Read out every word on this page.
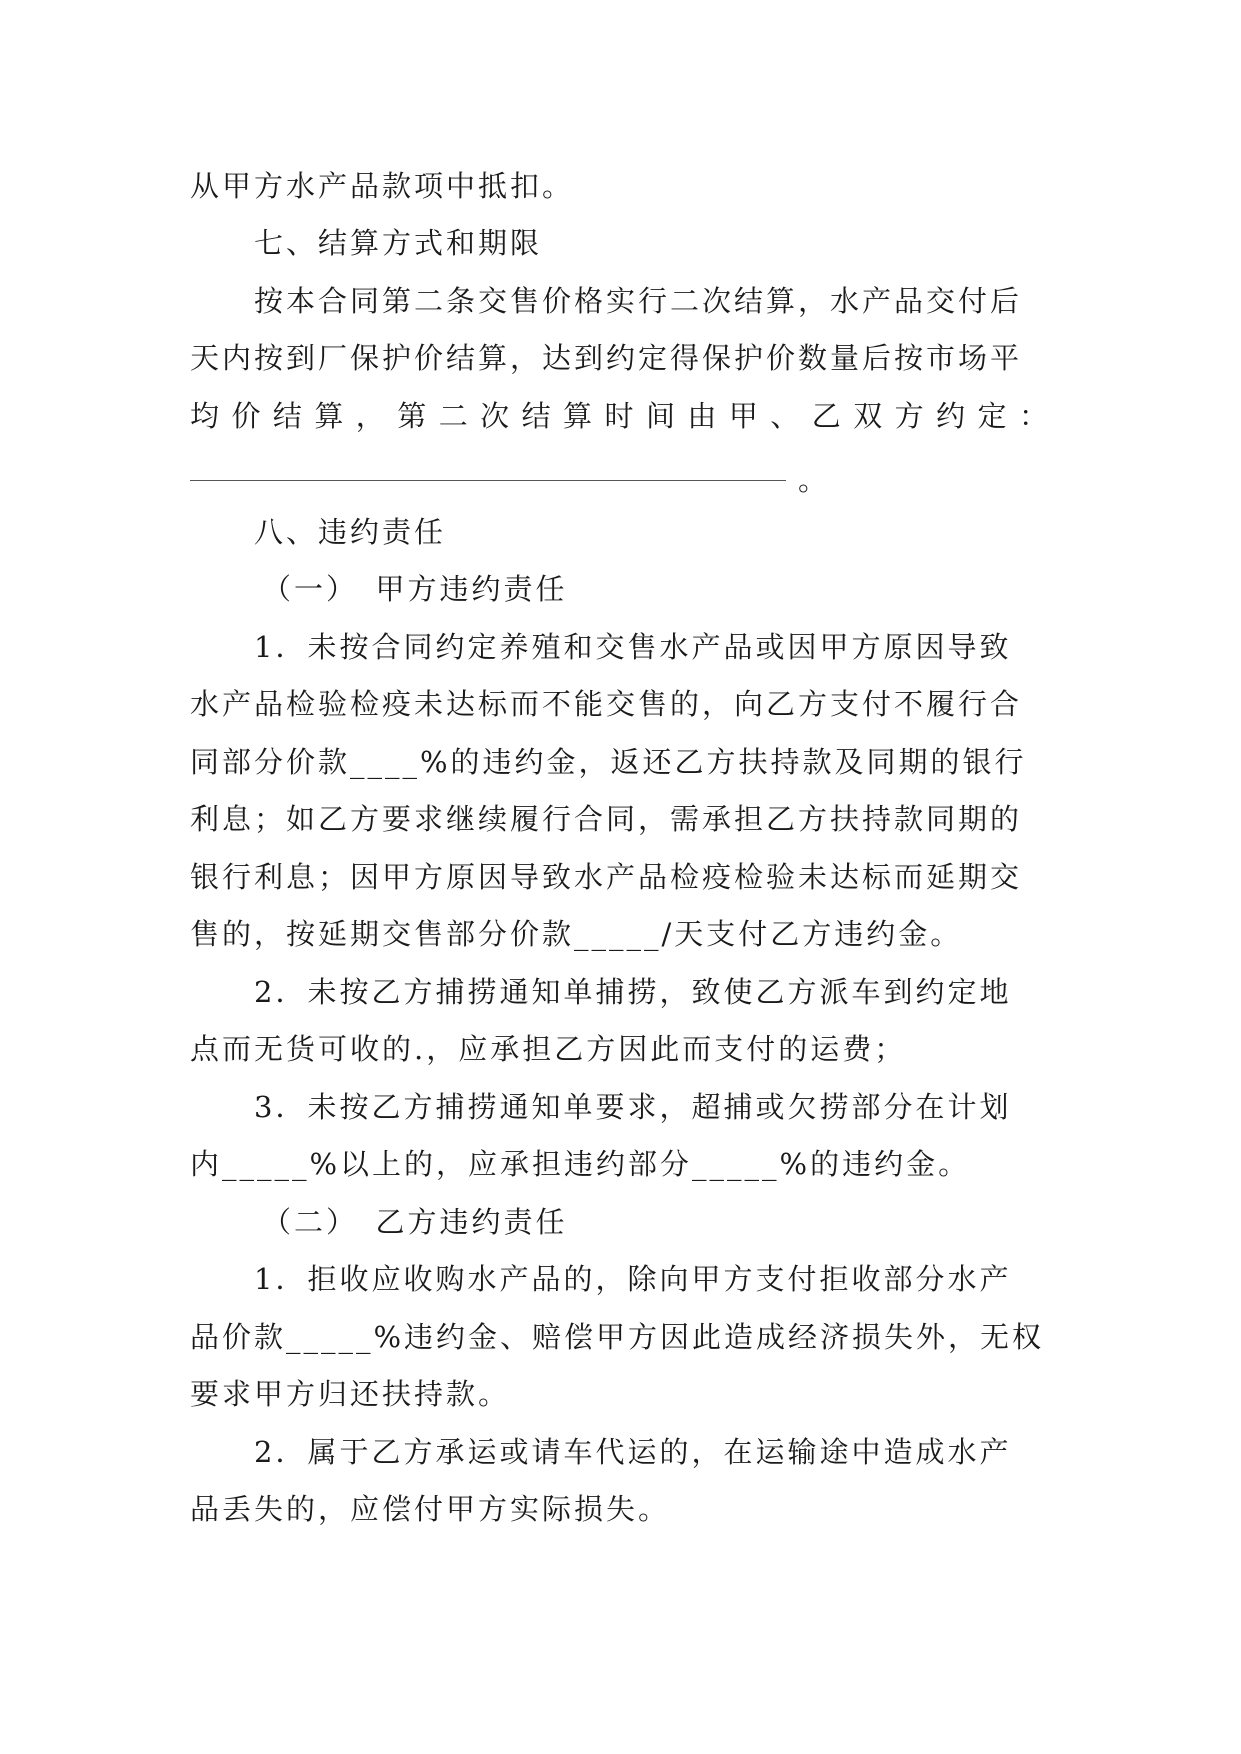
从甲方水产品款项中抵扣。
七、结算方式和期限
按本合同第二条交售价格实行二次结算，水产品交付后
天内按到厂保护价结算，达到约定得保护价数量后按市场平
均价结算，第二次结算时间由甲、乙双方约定：
。
八、违约责任
（一）　甲方违约责任
1．未按合同约定养殖和交售水产品或因甲方原因导致
水产品检验检疫未达标而不能交售的，向乙方支付不履行合
同部分价款____%的违约金，返还乙方扶持款及同期的银行
利息；如乙方要求继续履行合同，需承担乙方扶持款同期的
银行利息；因甲方原因导致水产品检疫检验未达标而延期交
售的，按延期交售部分价款_____/天支付乙方违约金。
2．未按乙方捕捞通知单捕捞，致使乙方派车到约定地
点而无货可收的.，应承担乙方因此而支付的运费；
3．未按乙方捕捞通知单要求，超捕或欠捞部分在计划
内_____%以上的，应承担违约部分_____%的违约金。
（二）　乙方违约责任
1．拒收应收购水产品的，除向甲方支付拒收部分水产
品价款_____%违约金、赔偿甲方因此造成经济损失外，无权
要求甲方归还扶持款。
2．属于乙方承运或请车代运的，在运输途中造成水产
品丢失的，应偿付甲方实际损失。
